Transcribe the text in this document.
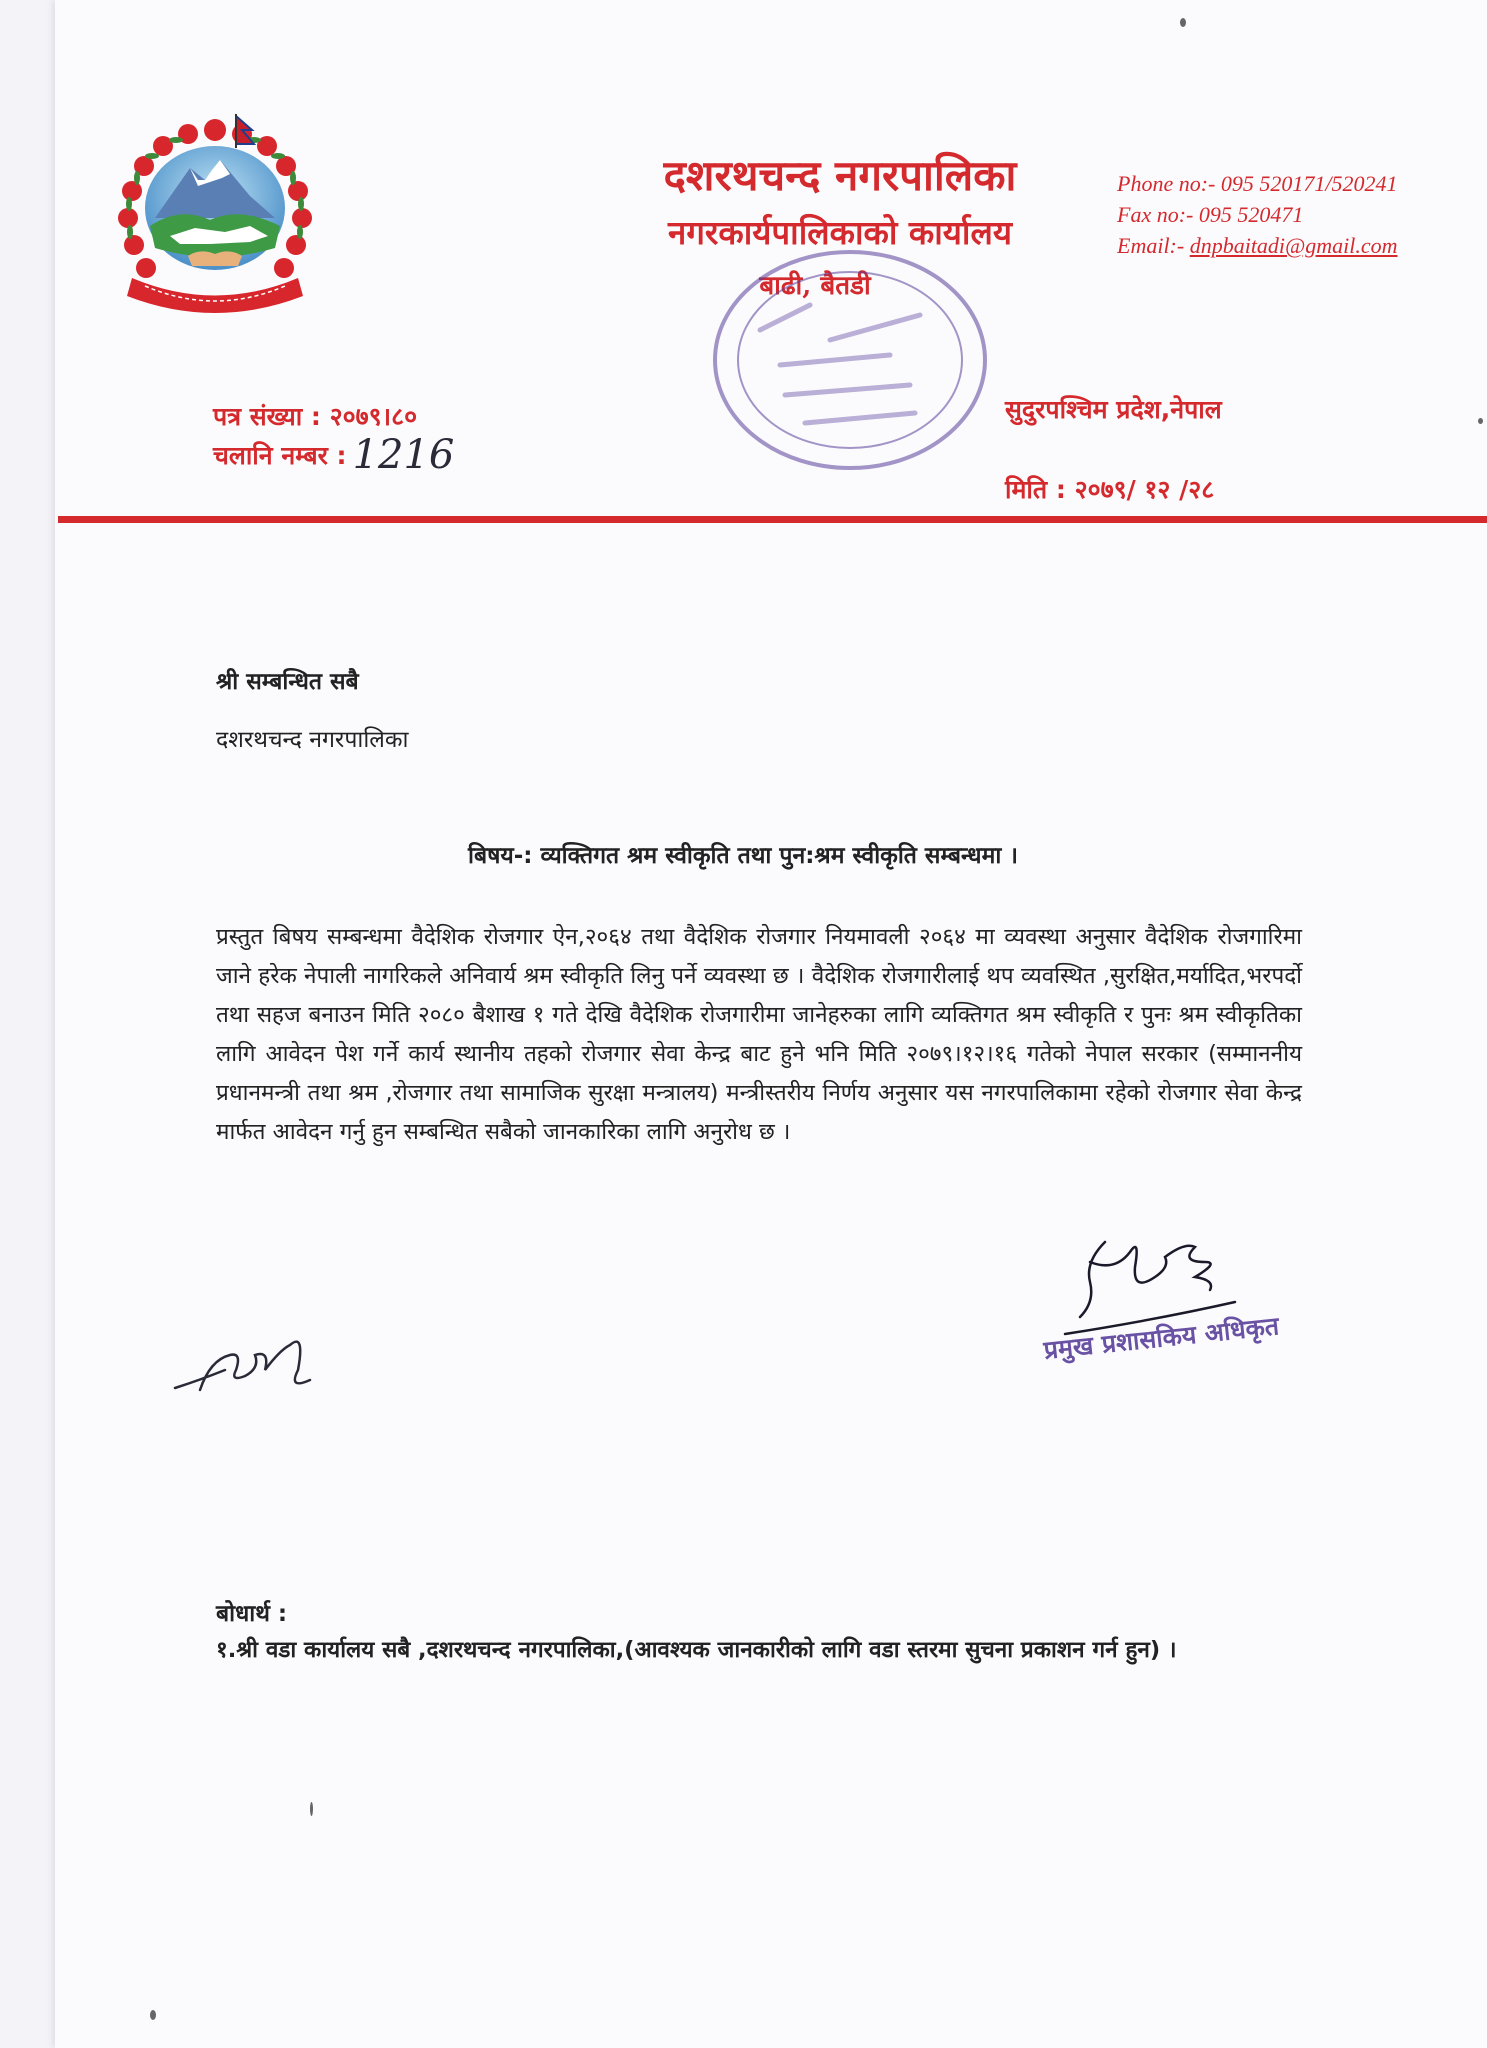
दशरथचन्द नगरपालिका
नगरकार्यपालिकाको कार्यालय
बाढी, बैतडी
Phone no:- 095 520171/520241
Fax no:- 095 520471
Email:- dnpbaitadi@gmail.com
पत्र संख्या : २०७९।८०
चलानि नम्बर : 1216
सुदुरपश्चिम प्रदेश,नेपाल
मिति : २०७९/ १२ /२८
श्री सम्बन्धित सबै
दशरथचन्द नगरपालिका
बिषय-: व्यक्तिगत श्रम स्वीकृति तथा पुन:श्रम स्वीकृति सम्बन्धमा ।
प्रस्तुत बिषय सम्बन्धमा वैदेशिक रोजगार ऐन,२०६४ तथा वैदेशिक रोजगार नियमावली २०६४ मा व्यवस्था अनुसार वैदेशिक रोजगारिमा जाने हरेक नेपाली नागरिकले अनिवार्य श्रम स्वीकृति लिनु पर्ने व्यवस्था छ । वैदेशिक रोजगारीलाई थप व्यवस्थित ,सुरक्षित,मर्यादित,भरपर्दो तथा सहज बनाउन मिति २०८० बैशाख १ गते देखि वैदेशिक रोजगारीमा जानेहरुका लागि व्यक्तिगत श्रम स्वीकृति र पुनः श्रम स्वीकृतिका लागि आवेदन पेश गर्ने कार्य स्थानीय तहको रोजगार सेवा केन्द्र बाट हुने भनि मिति २०७९।१२।१६ गतेको नेपाल सरकार (सम्माननीय प्रधानमन्त्री तथा श्रम ,रोजगार तथा सामाजिक सुरक्षा मन्त्रालय) मन्त्रीस्तरीय निर्णय अनुसार यस नगरपालिकामा रहेको रोजगार सेवा केन्द्र मार्फत आवेदन गर्नु हुन सम्बन्धित सबैको जानकारिका लागि अनुरोध छ ।
प्रमुख प्रशासकिय अधिकृत
बोधार्थ :
१.श्री वडा कार्यालय सबै ,दशरथचन्द नगरपालिका,(आवश्यक जानकारीको लागि वडा स्तरमा सुचना प्रकाशन गर्न हुन) ।
